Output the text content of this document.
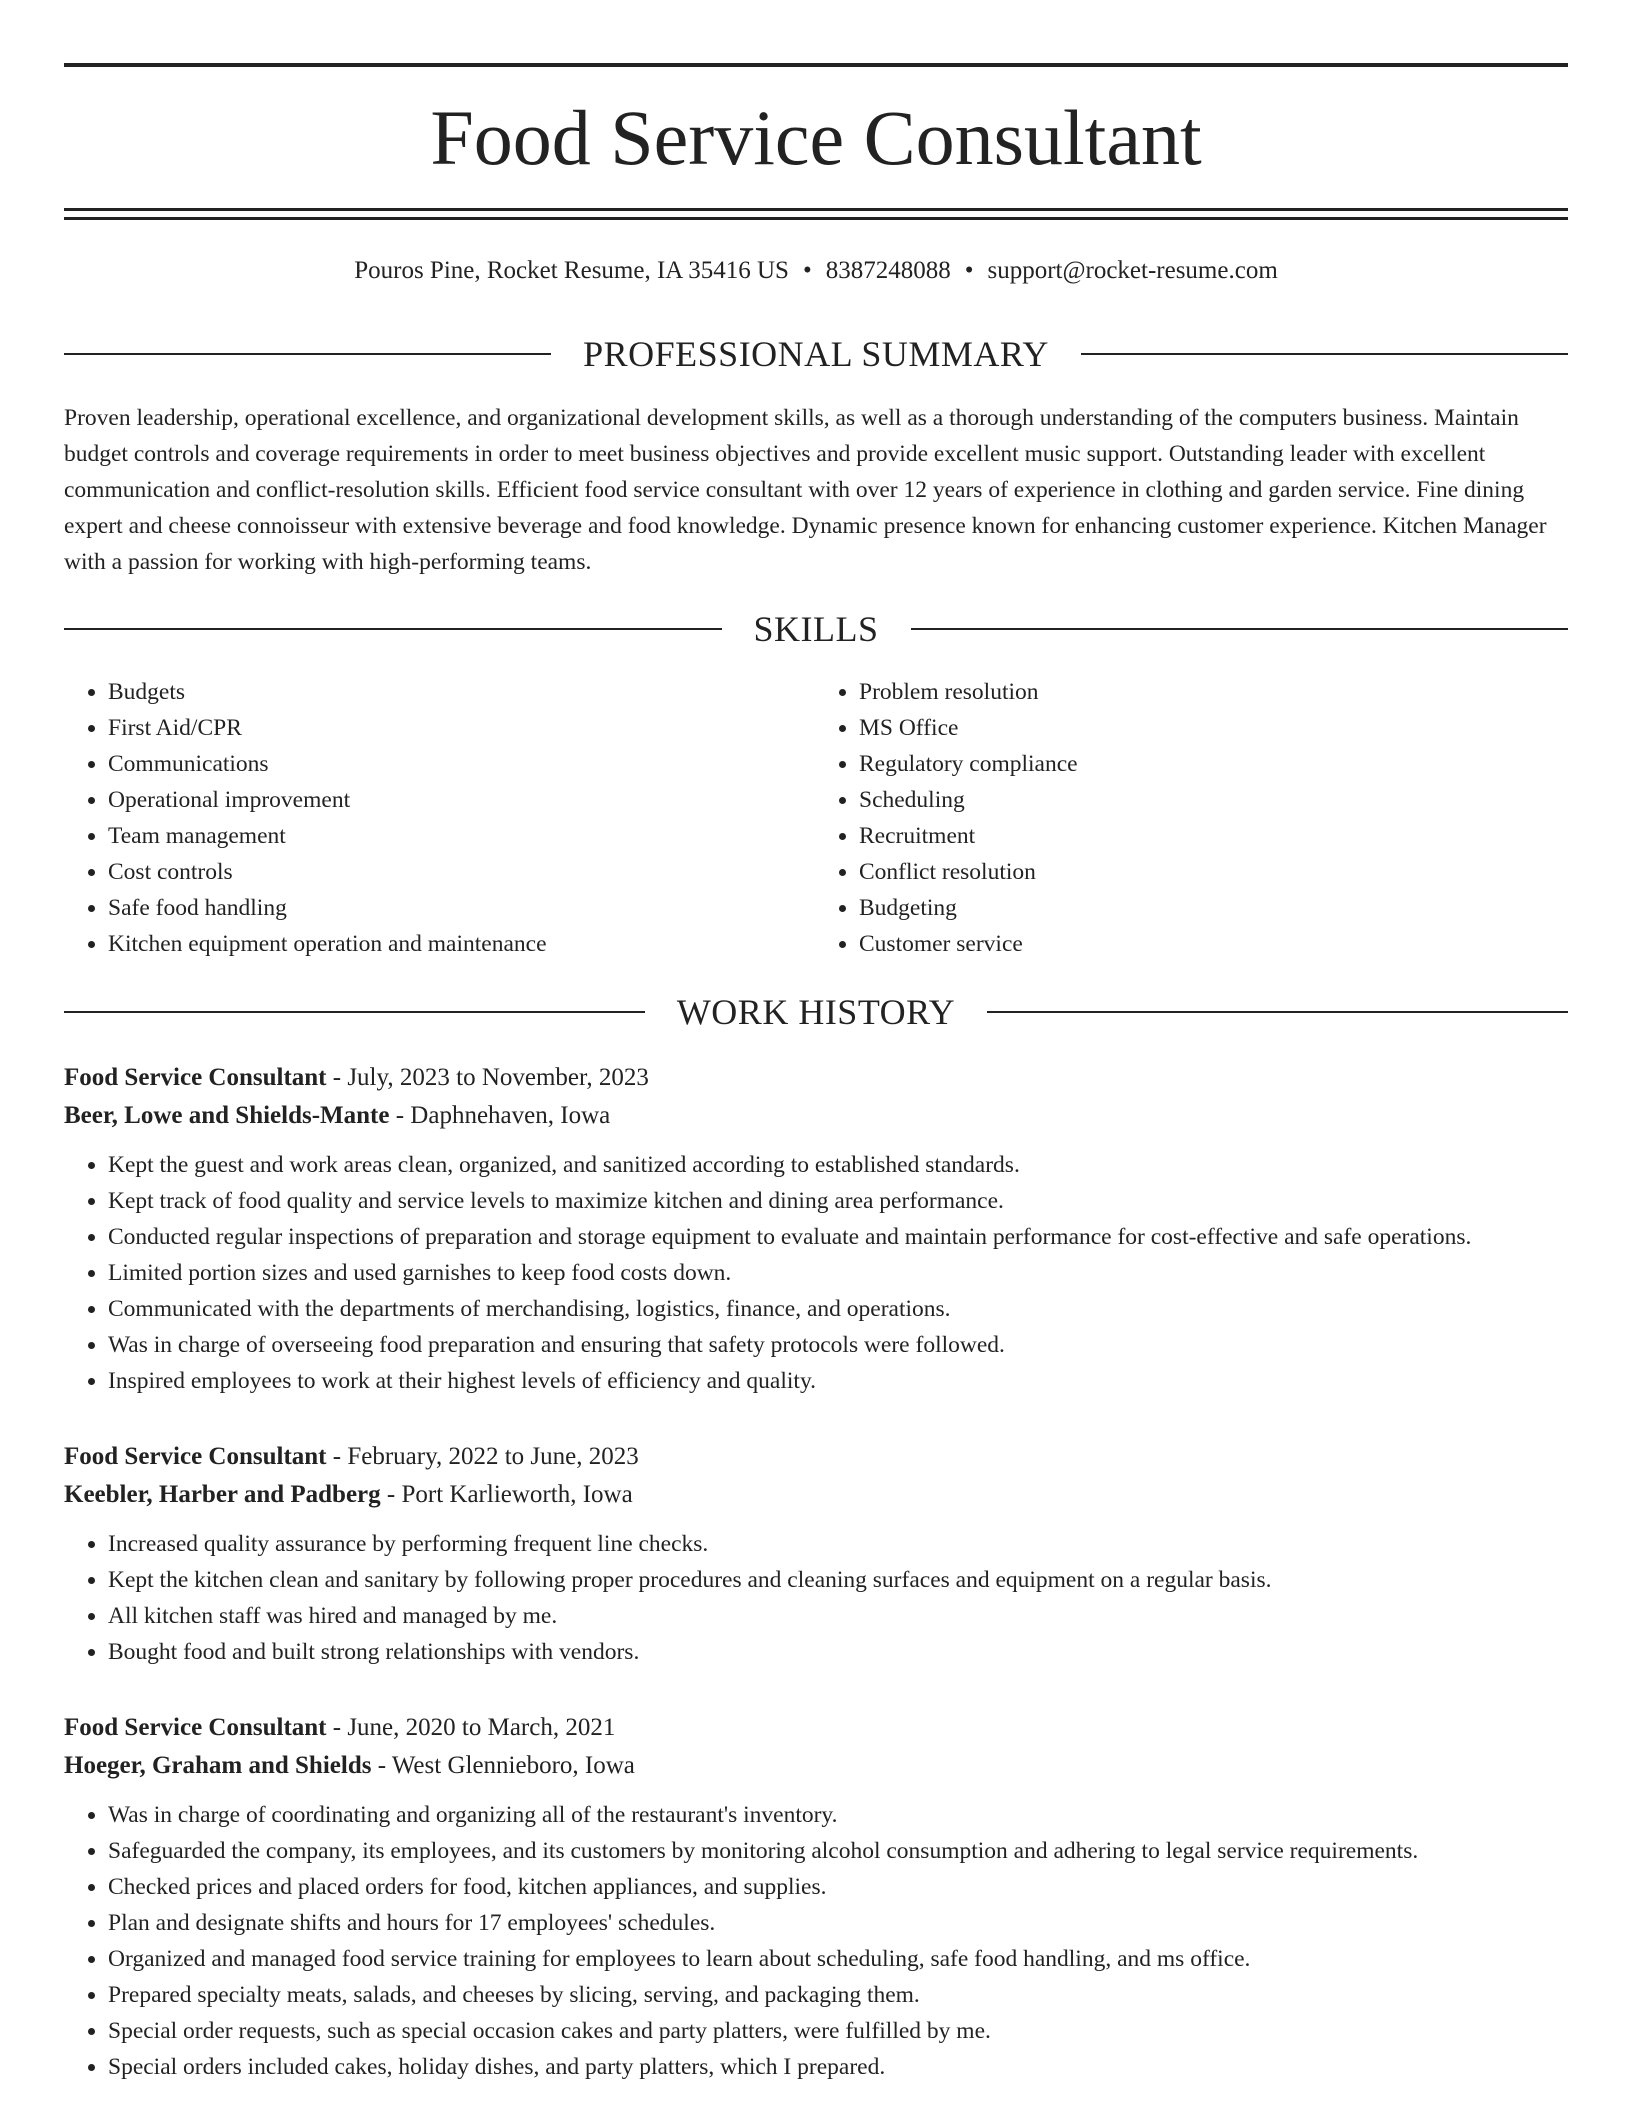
Food Service Consultant
Pouros Pine, Rocket Resume, IA 35416 US • 8387248088 • support@rocket-resume.com
PROFESSIONAL SUMMARY

Proven leadership, operational excellence, and organizational development skills, as well as a thorough understanding of the computers business. Maintain budget controls and coverage requirements in order to meet business objectives and provide excellent music support. Outstanding leader with excellent communication and conflict-resolution skills. Efficient food service consultant with over 12 years of experience in clothing and garden service. Fine dining expert and cheese connoisseur with extensive beverage and food knowledge. Dynamic presence known for enhancing customer experience. Kitchen Manager with a passion for working with high-performing teams.

SKILLS
• Budgets
• First Aid/CPR
• Communications
• Operational improvement
• Team management
• Cost controls
• Safe food handling
• Kitchen equipment operation and maintenance
• Problem resolution
• MS Office
• Regulatory compliance
• Scheduling
• Recruitment
• Conflict resolution
• Budgeting
• Customer service
WORK HISTORY
Food Service Consultant - July, 2023 to November, 2023
Beer, Lowe and Shields-Mante - Daphnehaven, Iowa
• Kept the guest and work areas clean, organized, and sanitized according to established standards.
• Kept track of food quality and service levels to maximize kitchen and dining area performance.
• Conducted regular inspections of preparation and storage equipment to evaluate and maintain performance for cost-effective and safe operations.
• Limited portion sizes and used garnishes to keep food costs down.
• Communicated with the departments of merchandising, logistics, finance, and operations.
• Was in charge of overseeing food preparation and ensuring that safety protocols were followed.
• Inspired employees to work at their highest levels of efficiency and quality.
Food Service Consultant - February, 2022 to June, 2023
Keebler, Harber and Padberg - Port Karlieworth, Iowa
• Increased quality assurance by performing frequent line checks.
• Kept the kitchen clean and sanitary by following proper procedures and cleaning surfaces and equipment on a regular basis.
• All kitchen staff was hired and managed by me.
• Bought food and built strong relationships with vendors.
Food Service Consultant - June, 2020 to March, 2021
Hoeger, Graham and Shields - West Glennieboro, Iowa
• Was in charge of coordinating and organizing all of the restaurant's inventory.
• Safeguarded the company, its employees, and its customers by monitoring alcohol consumption and adhering to legal service requirements.
• Checked prices and placed orders for food, kitchen appliances, and supplies.
• Plan and designate shifts and hours for 17 employees' schedules.
• Organized and managed food service training for employees to learn about scheduling, safe food handling, and ms office.
• Prepared specialty meats, salads, and cheeses by slicing, serving, and packaging them.
• Special order requests, such as special occasion cakes and party platters, were fulfilled by me.
• Special orders included cakes, holiday dishes, and party platters, which I prepared.
